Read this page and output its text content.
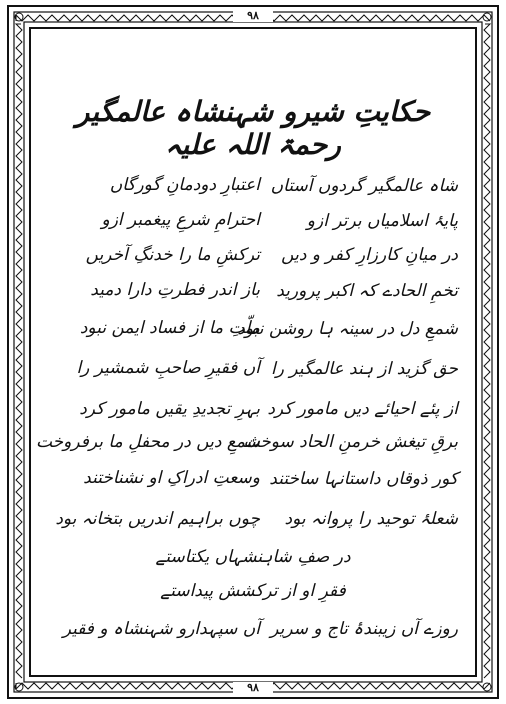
۹۸
حکایتِ شیرو شہنشاہ عالمگیر رحمۃ اللہ علیہ
شاہ عالمگیر گردوں آستاں
اعتبارِ دودمانِ گورگاں
پایۂ اسلامیاں برتر ازو
احترامِ شرعِ پیغمبر ازو
در میانِ کارزارِ کفر و دیں
ترکشِ ما را خدنگِ آخریں
تخمِ الحادے کہ اکبر پرورید
باز اندر فطرتِ دارا دمید
شمعِ دل در سینہ ہا روشن نبود
ملّتِ ما از فساد ایمن نبود
حق گزید از ہند عالمگیر را
آں فقیرِ صاحبِ شمشیر را
از پئے احیائے دیں مامور کرد
بہرِ تجدیدِ یقیں مامور کرد
برقِ تیغش خرمنِ الحاد سوخت
شمعِ دیں در محفلِ ما برفروخت
کور ذوقاں داستانہا ساختند
وسعتِ ادراکِ او نشناختند
شعلۂ توحید را پروانہ بود
چوں براہیم اندریں بتخانہ بود
در صفِ شاہنشہاں یکتاستے
فقرِ او از ترکشش پیداستے
روزے آں زیبندۂ تاج و سریر
آں سپہدارو شہنشاہ و فقیر
۹۸
